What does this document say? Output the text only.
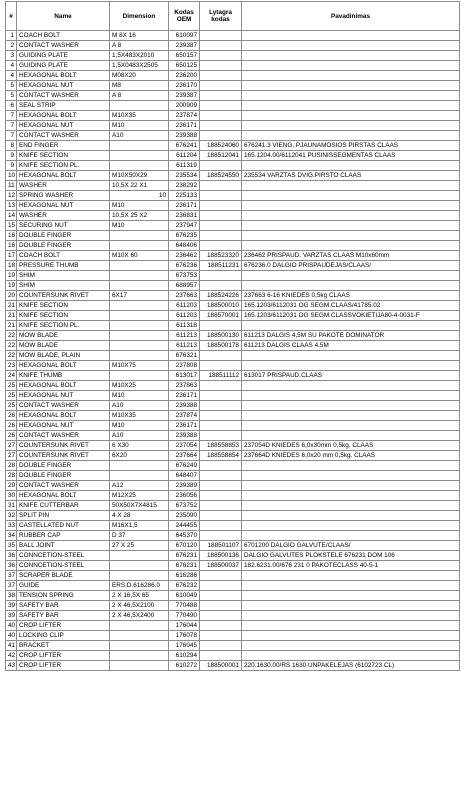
#	Name	Dimension	Kodas OEM	Lytagra kodas	Pavadinimas
1	COACH BOLT	M 8X 16	610097		
2	CONTACT WASHER	A 8	239387		
3	GUIDING PLATE	1,5X483X2010	650157		
4	GUIDING PLATE	1,5X0483X2505	650125		
4	HEXAGONAL BOLT	M08X20	236200		
5	HEXAGONAL NUT	M8	236170		
5	CONTACT WASHER	A 8	239387		
6	SEAL STRIP		200909		
7	HEXAGONAL BOLT	M10X35	237874		
7	HEXAGONAL NUT	M10	236171		
7	CONTACT WASHER	A10	239388		
8	END FINGER		676241	188524060	676241.3 VIENG. PJAUNAMOSIOS PIRSTAS CLAAS
9	KNIFE SECTION		611204	188512041	165.1204.00/6112041 PUSINISSEGMENTAS CLAAS
9	KNIFE SECTION PL.		611319		
10	HEXAGONAL BOLT	M10X50X29	235534	188524550	235534 VARZTAS DVIG.PIRSTO CLAAS
11	WASHER	10,5X 22 X1	238292		
12	SPRING WASHER	10	225133		
13	HEXAGONAL NUT	M10	236171		
14	WASHER	10,5X 25 X2	236831		
15	SECURING NUT	M10	237947		
16	DOUBLE FINGER		676235		
16	DOUBLE FINGER		648406		
17	COACH BOLT	M10X 60	236462	188523320	236462 PRISPAUD. VARZTAS CLAAS M10x60mm
18	PRESSURE THUMB		676236	188511231	676236.0 DALGIO PRISPAUDEJAS/CLAAS/
19	SHIM		673753		
19	SHIM		688957		
20	COUNTERSUNK RIVET	6X17	237663	188524226	237663 6-16 KNIEDES 0,5kg CLAAS
21	KNIFE SECTION		611203	188500010	165.1203/6112031 OG SEGM.CLAAS/41785.02
21	KNIFE SECTION		611203	188570001	165.1203/6112031 OG SEGM.CLASSVOKIETIJA80-4-0031-F
21	KNIFE SECTION PL.		611318		
22	MOW BLADE		611213	188500130	611213 DALGIS 4,5M SU PAKOTE DOMINATOR
22	MOW BLADE		611213	188500178	611213 DALGIS CLAAS 4.5M
22	MOW BLADE, PLAIN		676321		
23	HEXAGONAL BOLT	M10X75	237808		
24	KNIFE THUMB		613017	188511112	613017 PRISPAUD.CLAAS
25	HEXAGONAL BOLT	M10X25	237863		
25	HEXAGONAL NUT	M10	236171		
25	CONTACT WASHER	A10	239388		
26	HEXAGONAL BOLT	M10X35	237874		
26	HEXAGONAL NUT	M10	236171		
26	CONTACT WASHER	A10	239388		
27	COUNTERSUNK RIVET	6 X30	237054	188558853	237054D KNIEDES 6,0x30mm 0,5kg. CLAAS
27	COUNTERSUNK RIVET	6X20	237664	188558854	237664D KNIEDES 6,0x20 mm 0,5kg. CLAAS
28	DOUBLE FINGER		676249		
28	DOUBLE FINGER		648407		
29	CONTACT WASHER	A12	239389		
30	HEXAGONAL BOLT	M12X25	236056		
31	KNIFE CUTTERBAR	50X50X7X4815	673752		
32	SPLIT PIN	4 X 28	235090		
33	CASTELLATED NUT	M16X1,5	244455		
34	RUBBER CAP	D 37	645370		
35	BALL JOINT	27 X 25	670120	188501107	6701200 DALGIO GALVUTE/CLAAS/
36	CONNCETION-STEEL		676231	188500136	DALGIO GALVUTES PLOKSTELE 676231 DOM 106
36	CONNCETION-STEEL		676231	188500037	182.6231.00/676 231 0 PAKOTECLASS 40-5-1
37	SCRAPER BLADE		616286		
37	GUIDE	ERS.D.616286.0	676232		
38	TENSION SPRING	2 X 16,5X 65	610049		
39	SAFETY BAR	2 X 46,5X2100	770488		
39	SAFETY BAR	2 X 46,5X2400	770490		
40	CROP LIFTER		176044		
40	LOCKING CLIP		176078		
41	BRACKET		176045		
42	CROP LIFTER		610294		
43	CROP LIFTER		610272	188500001	220.1630.00/RS 1630 UNPAKELEJAS (6102723 CL)
